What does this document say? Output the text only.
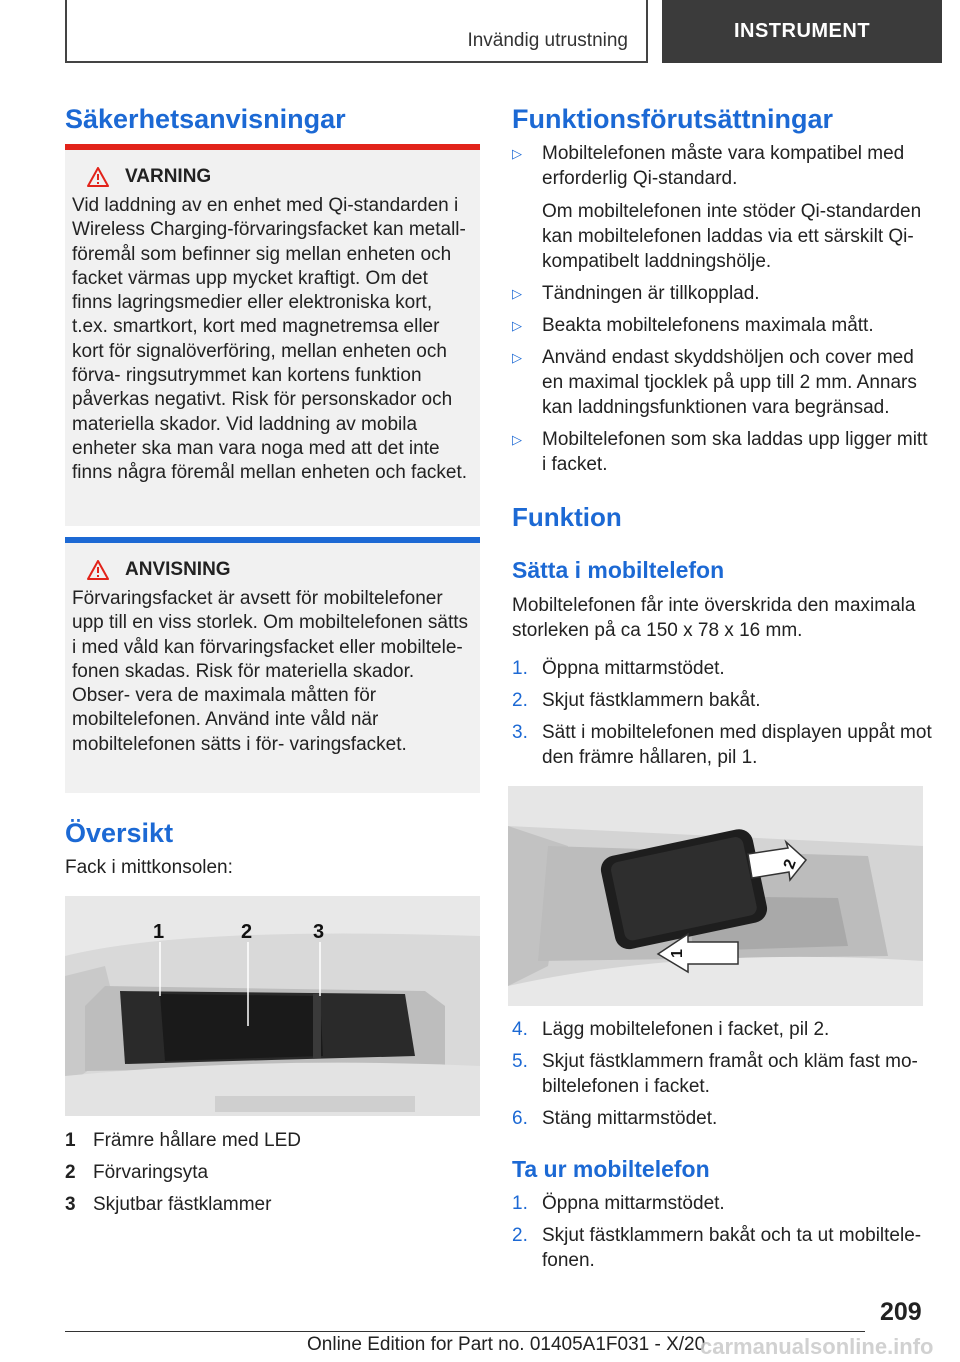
Invändig utrustning	INSTRUMENT
Säkerhetsanvisningar
VARNING
Vid laddning av en enhet med Qi-standarden i Wireless Charging-förvaringsfacket kan metall- föremål som befinner sig mellan enheten och facket värmas upp mycket kraftigt. Om det finns lagringsmedier eller elektroniska kort, t.ex. smartkort, kort med magnetremsa eller kort för signalöverföring, mellan enheten och förva- ringsutrymmet kan kortens funktion påverkas negativt. Risk för personskador och materiella skador. Vid laddning av mobila enheter ska man vara noga med att det inte finns några föremål mellan enheten och facket.
ANVISNING
Förvaringsfacket är avsett för mobiltelefoner upp till en viss storlek. Om mobiltelefonen sätts i med våld kan förvaringsfacket eller mobiltele- fonen skadas. Risk för materiella skador. Obser- vera de maximala måtten för mobiltelefonen. Använd inte våld när mobiltelefonen sätts i för- varingsfacket.
Översikt

Fack i mittkonsolen:

1	2	3
1 Främre hållare med LED
2 Förvaringsyta
3 Skjutbar fästklammer
Funktionsförutsättningar
▷ Mobiltelefonen måste vara kompatibel med erforderlig Qi-standard.
Om mobiltelefonen inte stöder Qi-standarden kan mobiltelefonen laddas via ett särskilt Qi- kompatibelt laddningshölje.
▷ Tändningen är tillkopplad.
▷ Beakta mobiltelefonens maximala mått.
▷ Använd endast skyddshöljen och cover med en maximal tjocklek på upp till 2 mm. Annars kan laddningsfunktionen vara begränsad.
▷ Mobiltelefonen som ska laddas upp ligger mitt i facket.
Funktion
Sätta i mobiltelefon

Mobiltelefonen får inte överskrida den maximala storleken på ca 150 x 78 x 16 mm.

1. Öppna mittarmstödet.
2. Skjut fästklammern bakåt.
3. Sätt i mobiltelefonen med displayen uppåt mot den främre hållaren, pil 1.
2
1
4. Lägg mobiltelefonen i facket, pil 2.
5. Skjut fästklammern framåt och kläm fast mo- biltelefonen i facket.
6. Stäng mittarmstödet.
Ta ur mobiltelefon
1. Öppna mittarmstödet.
2. Skjut fästklammern bakåt och ta ut mobiltele- fonen.
209
Online Edition for Part no. 01405A1F031 - X/20
carmanualsonline.info
